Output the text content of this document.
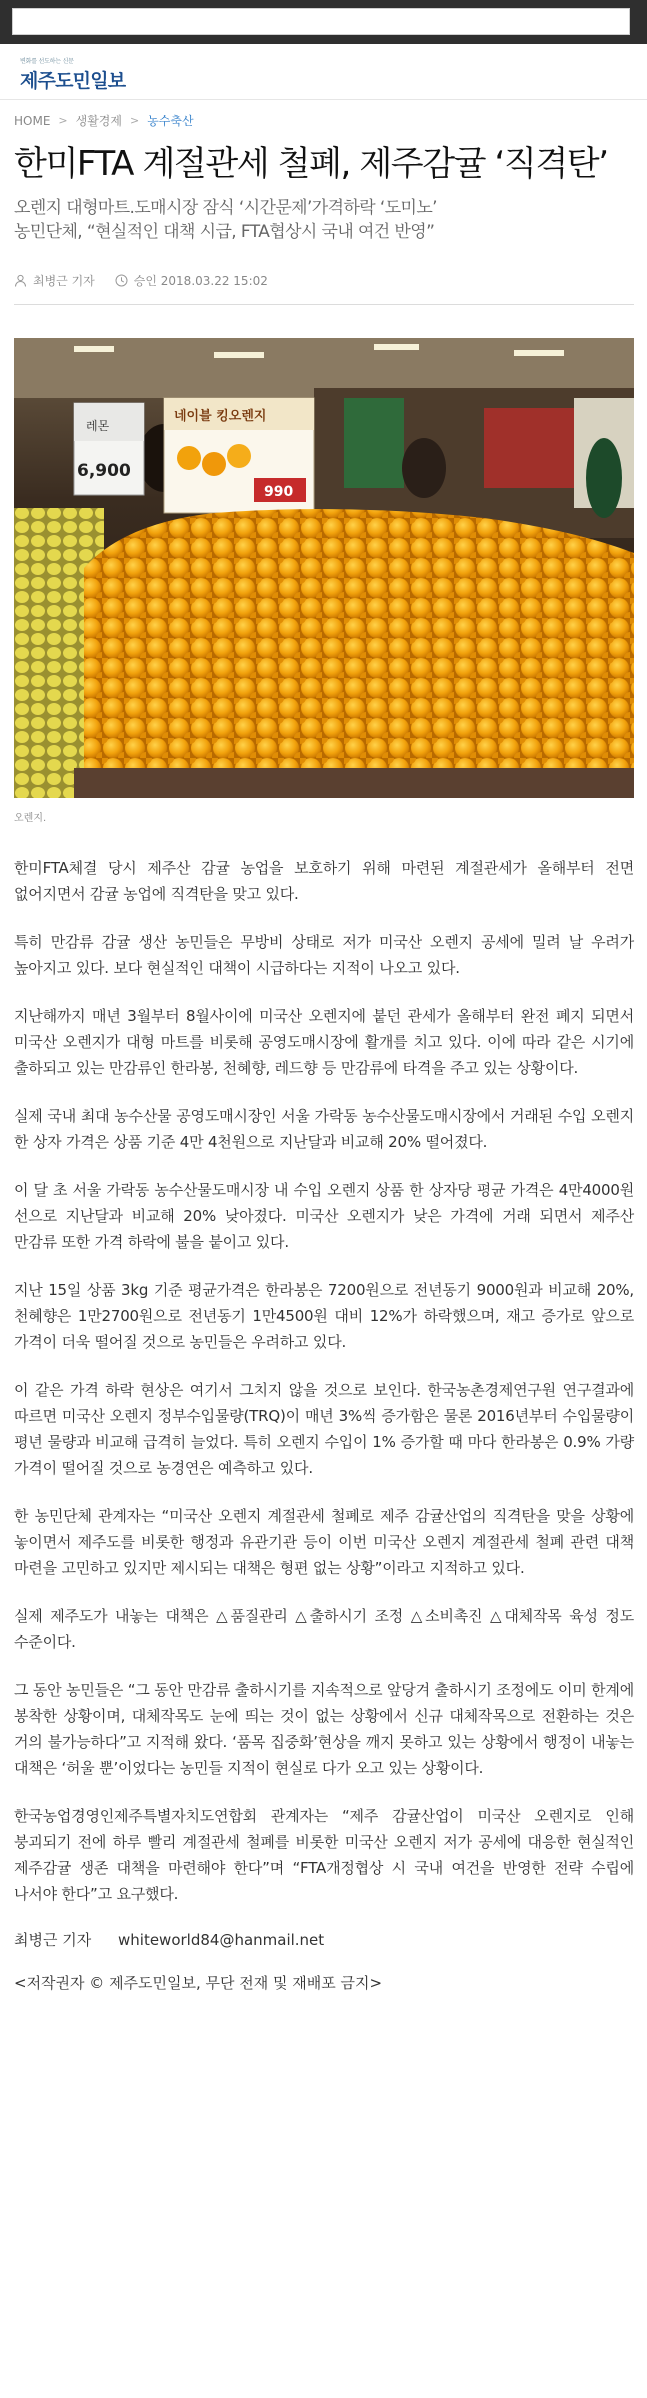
변화를 선도하는 신문
제주도민일보
HOME > 생활경제 > 농수축산
한미FTA 계절관세 철폐, 제주감귤 ‘직격탄’
오렌지 대형마트.도매시장 잠식 ‘시간문제’가격하락 ‘도미노’
농민단체, “현실적인 대책 시급, FTA협상시 국내 여건 반영”
최병근 기자	승인 2018.03.22 15:02
레몬
6,900
네이블 킹오렌지
990
오렌지.

한미FTA체결 당시 제주산 감귤 농업을 보호하기 위해 마련된 계절관세가 올해부터 전면 없어지면서 감귤 농업에 직격탄을 맞고 있다.

특히 만감류 감귤 생산 농민들은 무방비 상태로 저가 미국산 오렌지 공세에 밀려 날 우려가 높아지고 있다. 보다 현실적인 대책이 시급하다는 지적이 나오고 있다.

지난해까지 매년 3월부터 8월사이에 미국산 오렌지에 붙던 관세가 올해부터 완전 폐지 되면서 미국산 오렌지가 대형 마트를 비롯해 공영도매시장에 활개를 치고 있다. 이에 따라 같은 시기에 출하되고 있는 만감류인 한라봉, 천혜향, 레드향 등 만감류에 타격을 주고 있는 상황이다.

실제 국내 최대 농수산물 공영도매시장인 서울 가락동 농수산물도매시장에서 거래된 수입 오렌지 한 상자 가격은 상품 기준 4만 4천원으로 지난달과 비교해 20% 떨어졌다.

이 달 초 서울 가락동 농수산물도매시장 내 수입 오렌지 상품 한 상자당 평균 가격은 4만4000원 선으로 지난달과 비교해 20% 낮아졌다. 미국산 오렌지가 낮은 가격에 거래 되면서 제주산 만감류 또한 가격 하락에 불을 붙이고 있다.

지난 15일 상품 3kg 기준 평균가격은 한라봉은 7200원으로 전년동기 9000원과 비교해 20%, 천혜향은 1만2700원으로 전년동기 1만4500원 대비 12%가 하락했으며, 재고 증가로 앞으로 가격이 더욱 떨어질 것으로 농민들은 우려하고 있다.

이 같은 가격 하락 현상은 여기서 그치지 않을 것으로 보인다. 한국농촌경제연구원 연구결과에 따르면 미국산 오렌지 정부수입물량(TRQ)이 매년 3%씩 증가함은 물론 2016년부터 수입물량이 평년 물량과 비교해 급격히 늘었다. 특히 오렌지 수입이 1% 증가할 때 마다 한라봉은 0.9% 가량 가격이 떨어질 것으로 농경연은 예측하고 있다.

한 농민단체 관계자는 “미국산 오렌지 계절관세 철폐로 제주 감귤산업의 직격탄을 맞을 상황에 놓이면서 제주도를 비롯한 행정과 유관기관 등이 이번 미국산 오렌지 계절관세 철폐 관련 대책 마련을 고민하고 있지만 제시되는 대책은 형편 없는 상황”이라고 지적하고 있다.

실제 제주도가 내놓는 대책은 △품질관리 △출하시기 조정 △소비촉진 △대체작목 육성 정도 수준이다.

그 동안 농민들은 “그 동안 만감류 출하시기를 지속적으로 앞당겨 출하시기 조정에도 이미 한계에 봉착한 상황이며, 대체작목도 눈에 띄는 것이 없는 상황에서 신규 대체작목으로 전환하는 것은 거의 불가능하다”고 지적해 왔다. ‘품목 집중화’현상을 깨지 못하고 있는 상황에서 행정이 내놓는 대책은 ‘허울 뿐’이었다는 농민들 지적이 현실로 다가 오고 있는 상황이다.

한국농업경영인제주특별자치도연합회 관계자는 “제주 감귤산업이 미국산 오렌지로 인해 붕괴되기 전에 하루 빨리 계절관세 철폐를 비롯한 미국산 오렌지 저가 공세에 대응한 현실적인 제주감귤 생존 대책을 마련해야 한다”며 “FTA개정협상 시 국내 여건을 반영한 전략 수립에 나서야 한다”고 요구했다.

최병근 기자 whiteworld84@hanmail.net
<저작권자 © 제주도민일보, 무단 전재 및 재배포 금지>
